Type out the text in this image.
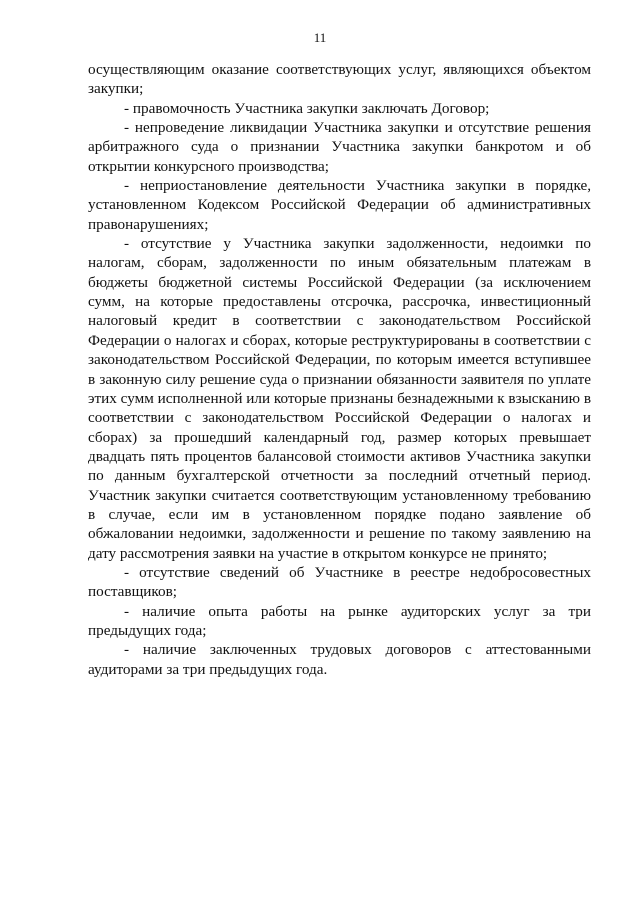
11

осуществляющим оказание соответствующих услуг, являющихся объектом закупки;

- правомочность Участника закупки заключать Договор;

- непроведение ликвидации Участника закупки и отсутствие решения арбитражного суда о признании Участника закупки банкротом и об открытии конкурсного производства;

- неприостановление деятельности Участника закупки в порядке, установленном Кодексом Российской Федерации об административных правонарушениях;

- отсутствие у Участника закупки задолженности, недоимки по налогам, сборам, задолженности по иным обязательным платежам в бюджеты бюджетной системы Российской Федерации (за исключением сумм, на которые предоставлены отсрочка, рассрочка, инвестиционный налоговый кредит в соответствии с законодательством Российской Федерации о налогах и сборах, которые реструктурированы в соответствии с законодательством Российской Федерации, по которым имеется вступившее в законную силу решение суда о признании обязанности заявителя по уплате этих сумм исполненной или которые признаны безнадежными к взысканию в соответствии с законодательством Российской Федерации о налогах и сборах) за прошедший календарный год, размер которых превышает двадцать пять процентов балансовой стоимости активов Участника закупки по данным бухгалтерской отчетности за последний отчетный период. Участник закупки считается соответствующим установленному требованию в случае, если им в установленном порядке подано заявление об обжаловании недоимки, задолженности и решение по такому заявлению на дату рассмотрения заявки на участие в открытом конкурсе не принято;

- отсутствие сведений об Участнике в реестре недобросовестных поставщиков;

- наличие опыта работы на рынке аудиторских услуг за три предыдущих года;

- наличие заключенных трудовых договоров с аттестованными аудиторами за три предыдущих года.
